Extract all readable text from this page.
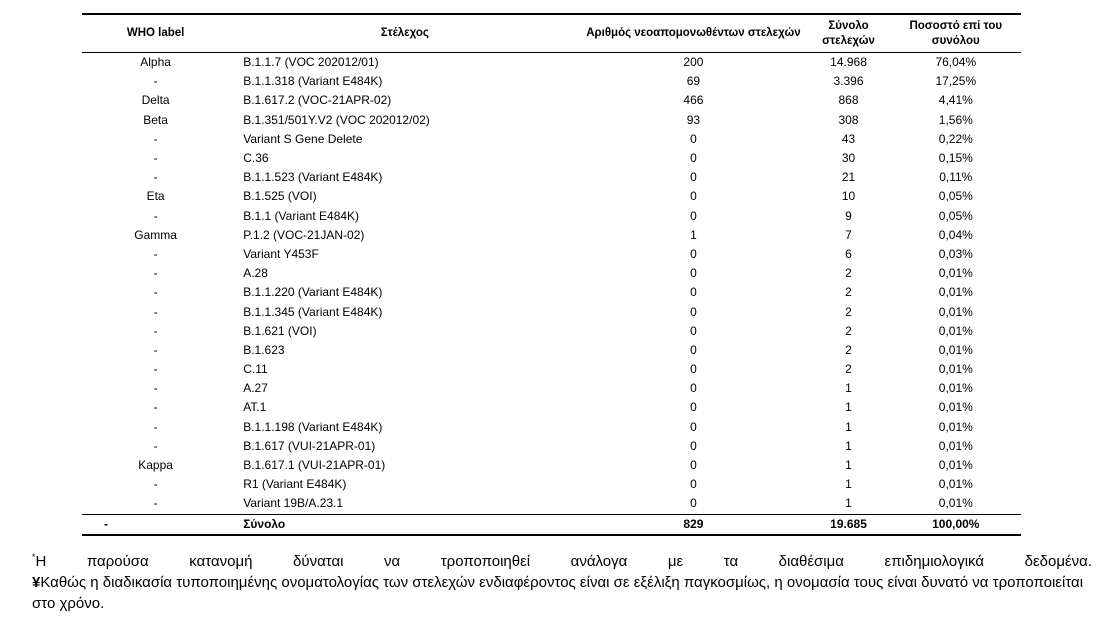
WHO label	Στέλεχος	Αριθμός νεοαπομονωθέντων στελεχών	Σύνολο στελεχών	Ποσοστό επί του συνόλου
Alpha	B.1.1.7 (VOC 202012/01)	200	14.968	76,04%
-	B.1.1.318 (Variant E484K)	69	3.396	17,25%
Delta	B.1.617.2 (VOC-21APR-02)	466	868	4,41%
Beta	B.1.351/501Y.V2 (VOC 202012/02)	93	308	1,56%
-	Variant S Gene Delete	0	43	0,22%
-	C.36	0	30	0,15%
-	B.1.1.523 (Variant E484K)	0	21	0,11%
Eta	B.1.525 (VOI)	0	10	0,05%
-	B.1.1 (Variant E484K)	0	9	0,05%
Gamma	P.1.2 (VOC-21JAN-02)	1	7	0,04%
-	Variant Y453F	0	6	0,03%
-	A.28	0	2	0,01%
-	B.1.1.220 (Variant E484K)	0	2	0,01%
-	B.1.1.345 (Variant E484K)	0	2	0,01%
-	B.1.621 (VOI)	0	2	0,01%
-	B.1.623	0	2	0,01%
-	C.11	0	2	0,01%
-	A.27	0	1	0,01%
-	AT.1	0	1	0,01%
-	B.1.1.198 (Variant E484K)	0	1	0,01%
-	B.1.617 (VUI-21APR-01)	0	1	0,01%
Kappa	B.1.617.1 (VUI-21APR-01)	0	1	0,01%
-	R1 (Variant E484K)	0	1	0,01%
-	Variant 19B/A.23.1	0	1	0,01%
-	Σύνολο	829	19.685	100,00%

*Η παρούσα κατανομή δύναται να τροποποιηθεί ανάλογα με τα διαθέσιμα επιδημιολογικά δεδομένα.

¥Καθώς η διαδικασία τυποποιημένης ονοματολογίας των στελεχών ενδιαφέροντος είναι σε εξέλιξη παγκοσμίως, η ονομασία τους είναι δυνατό να τροποποιείται στο χρόνο.
